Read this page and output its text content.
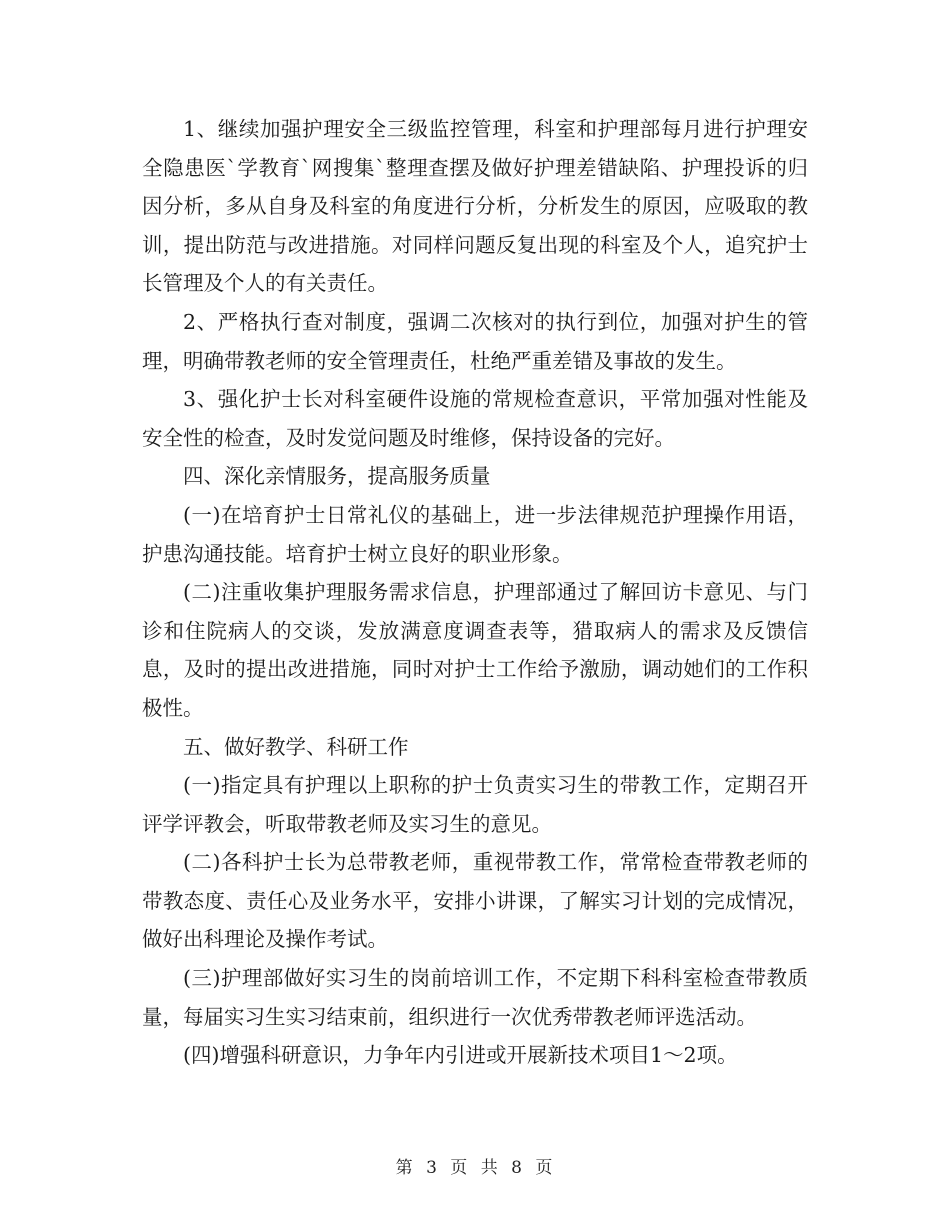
1、继续加强护理安全三级监控管理，科室和护理部每月进行护理安全隐患医`学教育`网搜集`整理查摆及做好护理差错缺陷、护理投诉的归因分析，多从自身及科室的角度进行分析，分析发生的原因，应吸取的教训，提出防范与改进措施。对同样问题反复出现的科室及个人，追究护士长管理及个人的有关责任。

2、严格执行查对制度，强调二次核对的执行到位，加强对护生的管理，明确带教老师的安全管理责任，杜绝严重差错及事故的发生。

3、强化护士长对科室硬件设施的常规检查意识，平常加强对性能及安全性的检查，及时发觉问题及时维修，保持设备的完好。

四、深化亲情服务，提高服务质量

(一)在培育护士日常礼仪的基础上，进一步法律规范护理操作用语，护患沟通技能。培育护士树立良好的职业形象。

(二)注重收集护理服务需求信息，护理部通过了解回访卡意见、与门诊和住院病人的交谈，发放满意度调查表等，猎取病人的需求及反馈信息，及时的提出改进措施，同时对护士工作给予激励，调动她们的工作积极性。

五、做好教学、科研工作

(一)指定具有护理以上职称的护士负责实习生的带教工作，定期召开评学评教会，听取带教老师及实习生的意见。

(二)各科护士长为总带教老师，重视带教工作，常常检查带教老师的带教态度、责任心及业务水平，安排小讲课，了解实习计划的完成情况，做好出科理论及操作考试。

(三)护理部做好实习生的岗前培训工作，不定期下科科室检查带教质量，每届实习生实习结束前，组织进行一次优秀带教老师评选活动。

(四)增强科研意识，力争年内引进或开展新技术项目1～2项。

第 3 页 共 8 页
